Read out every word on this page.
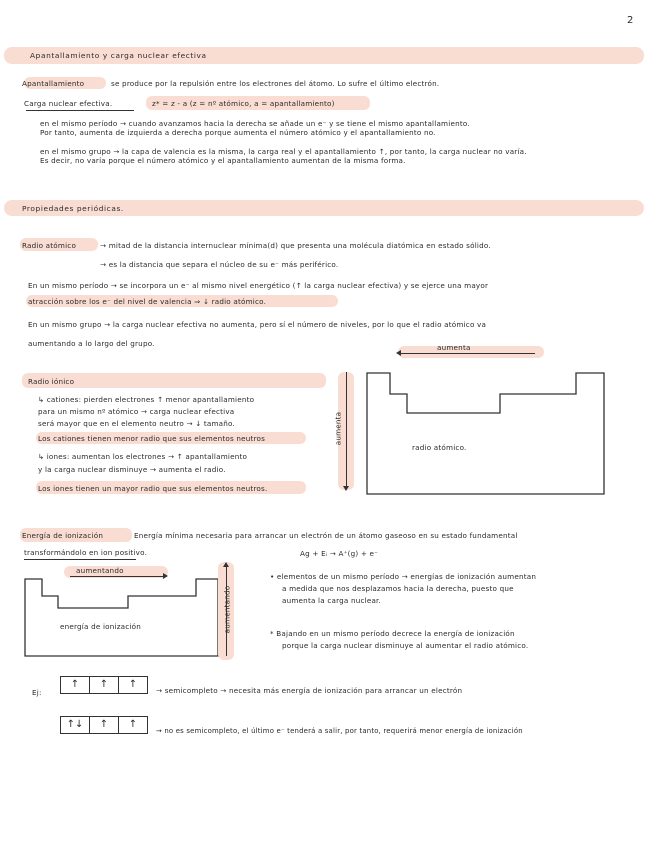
2
Apantallamiento y carga nuclear efectiva
Apantallamiento	se produce por la repulsión entre los electrones del átomo. Lo sufre el último electrón.
Carga nuclear efectiva.	z* = z - a (z = nº atómico, a = apantallamiento)
en el mismo período → cuando avanzamos hacia la derecha se añade un e⁻ y se tiene el mismo apantallamiento.
Por tanto, aumenta de izquierda a derecha porque aumenta el número atómico y el apantallamiento no.
en el mismo grupo → la capa de valencia es la misma, la carga real y el apantallamiento ↑, por tanto, la carga nuclear no varía.
Es decir, no varía porque el número atómico y el apantallamiento aumentan de la misma forma.
Propiedades periódicas.
Radio atómico	→ mitad de la distancia internuclear mínima(d) que presenta una molécula diatómica en estado sólido.
→ es la distancia que separa el núcleo de su e⁻ más periférico.
En un mismo período → se incorpora un e⁻ al mismo nivel energético (↑ la carga nuclear efectiva) y se ejerce una mayor
atracción sobre los e⁻ del nivel de valencia ⇒ ↓ radio atómico.
En un mismo grupo → la carga nuclear efectiva no aumenta, pero sí el número de niveles, por lo que el radio atómico va
aumentando a lo largo del grupo.	aumenta
aumenta
radio atómico.
Radio iónico
↳ cationes: pierden electrones ↑ menor apantallamiento
para un mismo nº atómico → carga nuclear efectiva
será mayor que en el elemento neutro → ↓ tamaño.
Los cationes tienen menor radio que sus elementos neutros
↳ iones: aumentan los electrones → ↑ apantallamiento
y la carga nuclear disminuye → aumenta el radio.
Los iones tienen un mayor radio que sus elementos neutros.
Energía de ionización	Energía mínima necesaria para arrancar un electrón de un átomo gaseoso en su estado fundamental
transformándolo en ion positivo.	Ag + Eᵢ → A⁺(g) + e⁻
aumentando
energía de ionización	aumentando
• elementos de un mismo período → energías de ionización aumentan
a medida que nos desplazamos hacia la derecha, puesto que
aumenta la carga nuclear.
* Bajando en un mismo período decrece la energía de ionización
porque la carga nuclear disminuye al aumentar el radio atómico.
Ej:
↑	↑	↑
→ semicompleto → necesita más energía de ionización para arrancar un electrón
↑↓	↑	↑
→ no es semicompleto, el último e⁻ tenderá a salir, por tanto, requerirá menor energía de ionización
